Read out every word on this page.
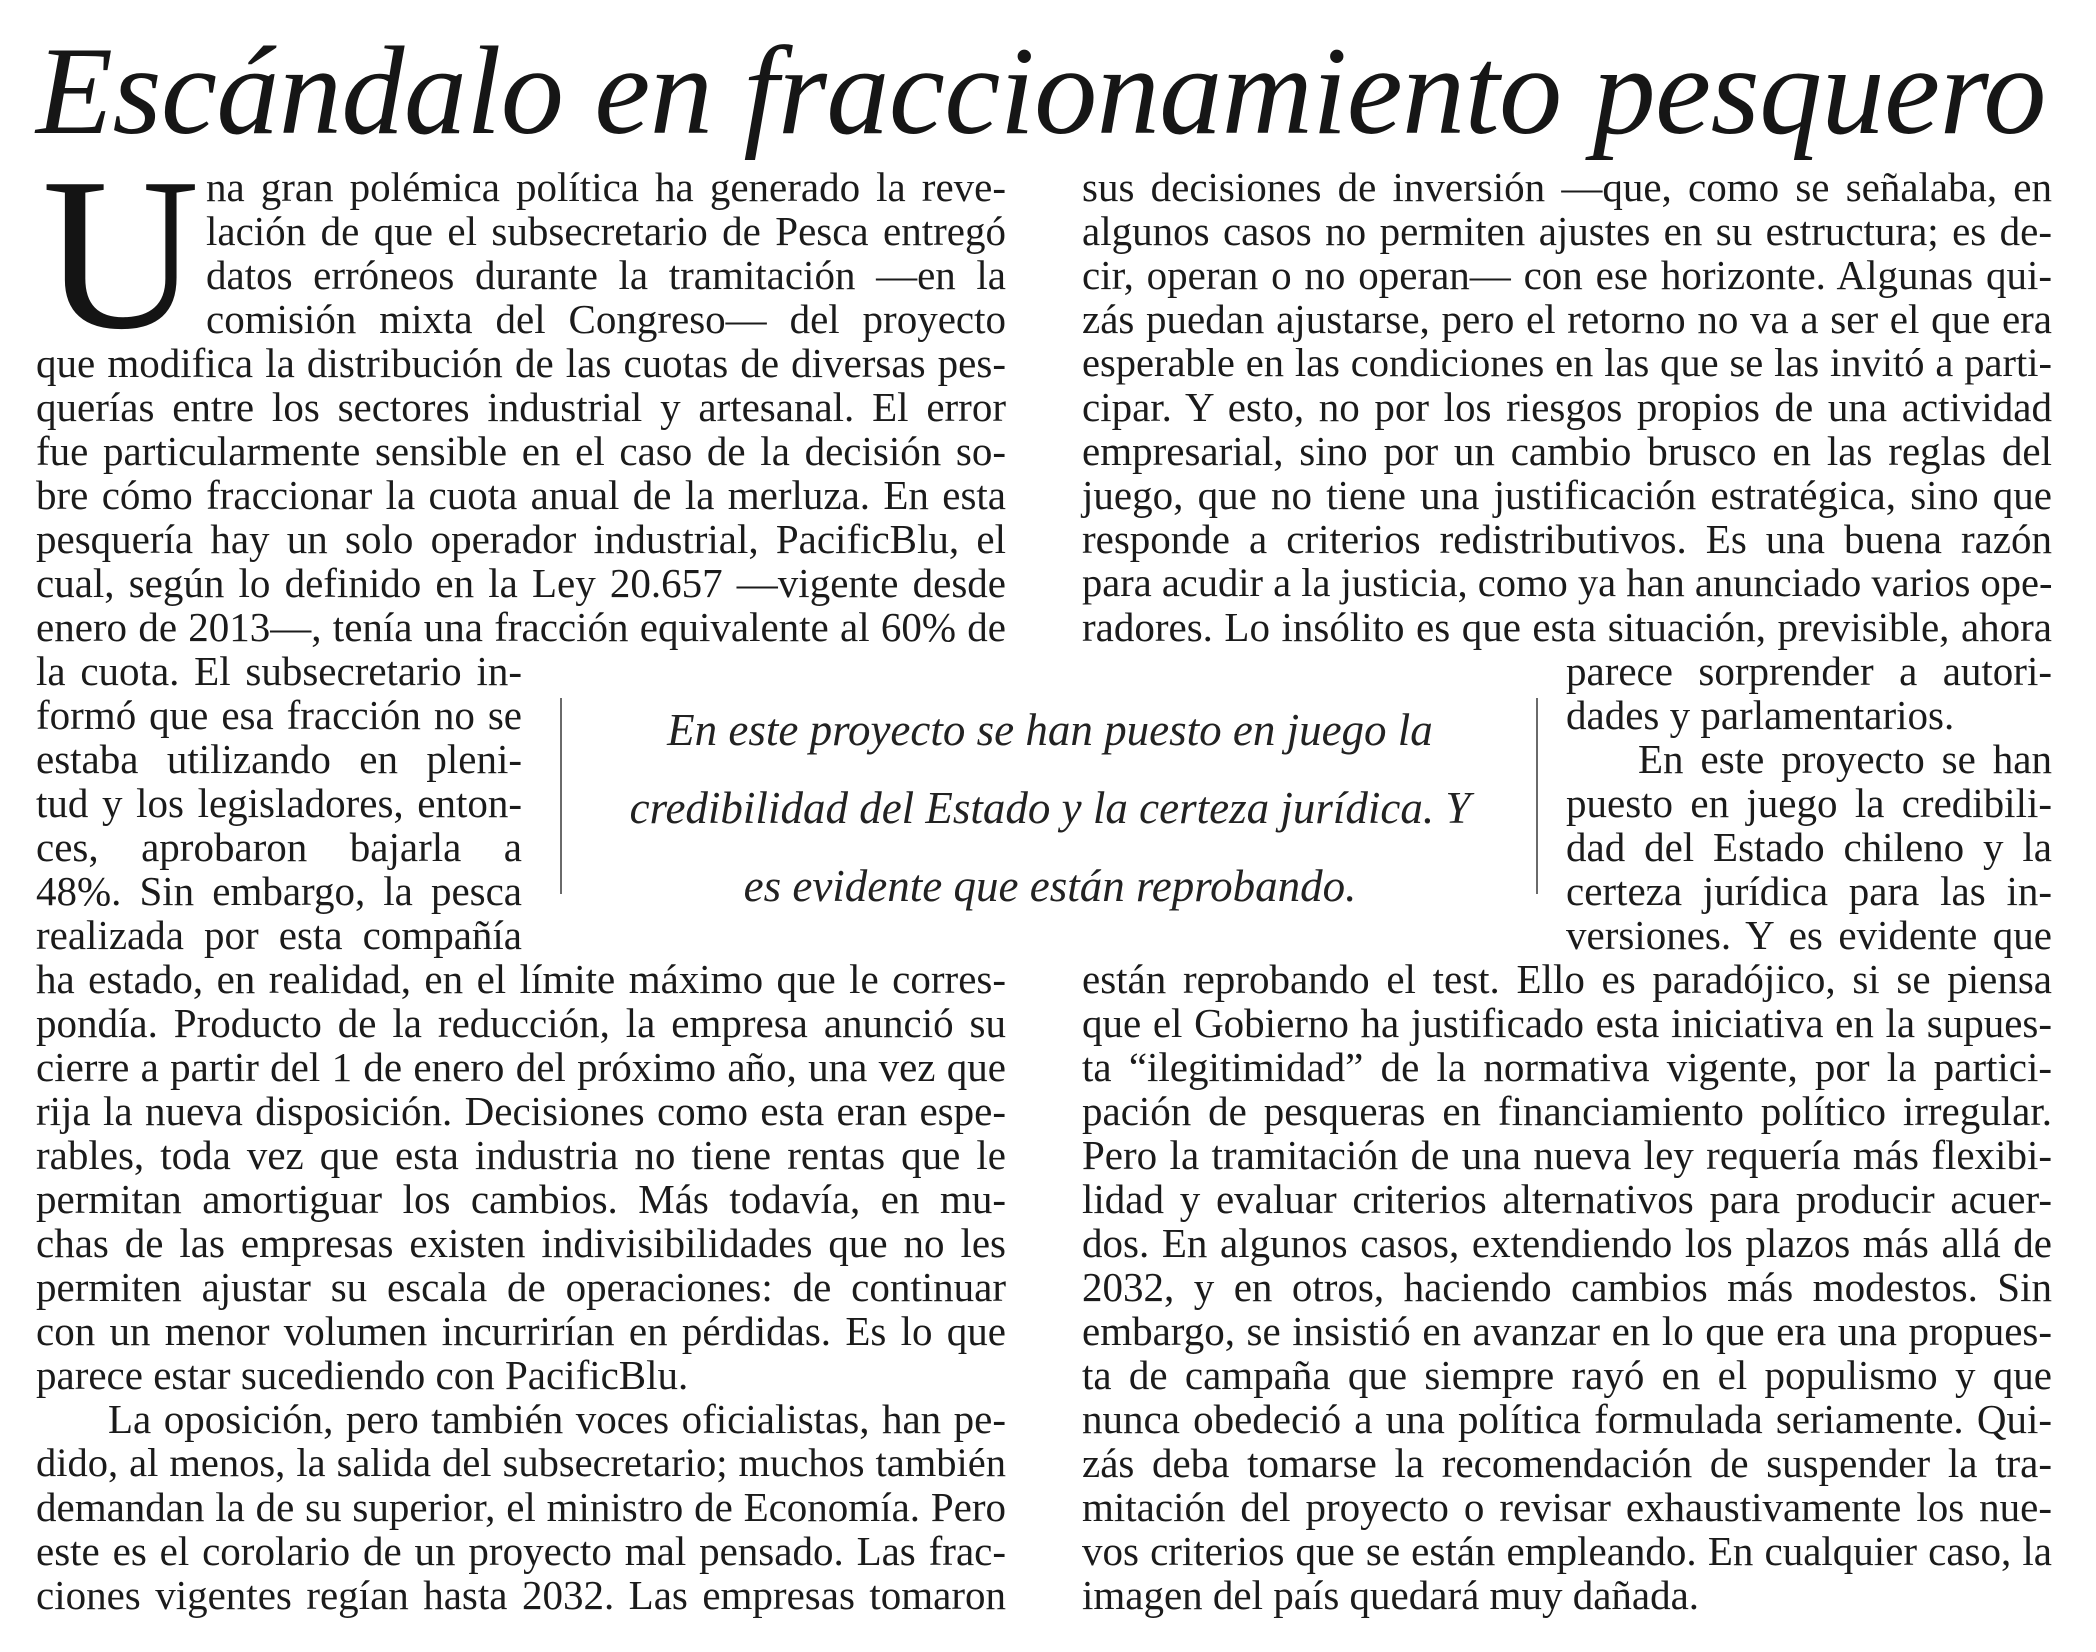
Escándalo en fraccionamiento pesquero
U na gran polémica política ha generado la reve-
lación de que el subsecretario de Pesca entregó
datos erróneos durante la tramitación —en la
comisión mixta del Congreso— del proyecto
que modifica la distribución de las cuotas de diversas pes-
querías entre los sectores industrial y artesanal. El error
fue particularmente sensible en el caso de la decisión so-
bre cómo fraccionar la cuota anual de la merluza. En esta
pesquería hay un solo operador industrial, PacificBlu, el
cual, según lo definido en la Ley 20.657 —vigente desde
enero de 2013—, tenía una fracción equivalente al 60% de
la cuota. El subsecretario in-
formó que esa fracción no se
estaba utilizando en pleni-
tud y los legisladores, enton-
ces, aprobaron bajarla a
48%. Sin embargo, la pesca
realizada por esta compañía
ha estado, en realidad, en el límite máximo que le corres-
pondía. Producto de la reducción, la empresa anunció su
cierre a partir del 1 de enero del próximo año, una vez que
rija la nueva disposición. Decisiones como esta eran espe-
rables, toda vez que esta industria no tiene rentas que le
permitan amortiguar los cambios. Más todavía, en mu-
chas de las empresas existen indivisibilidades que no les
permiten ajustar su escala de operaciones: de continuar
con un menor volumen incurrirían en pérdidas. Es lo que
parece estar sucediendo con PacificBlu.
La oposición, pero también voces oficialistas, han pe-
dido, al menos, la salida del subsecretario; muchos también
demandan la de su superior, el ministro de Economía. Pero
este es el corolario de un proyecto mal pensado. Las frac-
ciones vigentes regían hasta 2032. Las empresas tomaron
sus decisiones de inversión —que, como se señalaba, en
algunos casos no permiten ajustes en su estructura; es de-
cir, operan o no operan— con ese horizonte. Algunas qui-
zás puedan ajustarse, pero el retorno no va a ser el que era
esperable en las condiciones en las que se las invitó a parti-
cipar. Y esto, no por los riesgos propios de una actividad
empresarial, sino por un cambio brusco en las reglas del
juego, que no tiene una justificación estratégica, sino que
responde a criterios redistributivos. Es una buena razón
para acudir a la justicia, como ya han anunciado varios ope-
radores. Lo insólito es que esta situación, previsible, ahora
parece sorprender a autori-
dades y parlamentarios.
En este proyecto se han
puesto en juego la credibili-
dad del Estado chileno y la
certeza jurídica para las in-
versiones. Y es evidente que
están reprobando el test. Ello es paradójico, si se piensa
que el Gobierno ha justificado esta iniciativa en la supues-
ta “ilegitimidad” de la normativa vigente, por la partici-
pación de pesqueras en financiamiento político irregular.
Pero la tramitación de una nueva ley requería más flexibi-
lidad y evaluar criterios alternativos para producir acuer-
dos. En algunos casos, extendiendo los plazos más allá de
2032, y en otros, haciendo cambios más modestos. Sin
embargo, se insistió en avanzar en lo que era una propues-
ta de campaña que siempre rayó en el populismo y que
nunca obedeció a una política formulada seriamente. Qui-
zás deba tomarse la recomendación de suspender la tra-
mitación del proyecto o revisar exhaustivamente los nue-
vos criterios que se están empleando. En cualquier caso, la
imagen del país quedará muy dañada.
En este proyecto se han puesto en juego la
credibilidad del Estado y la certeza jurídica. Y
es evidente que están reprobando.
